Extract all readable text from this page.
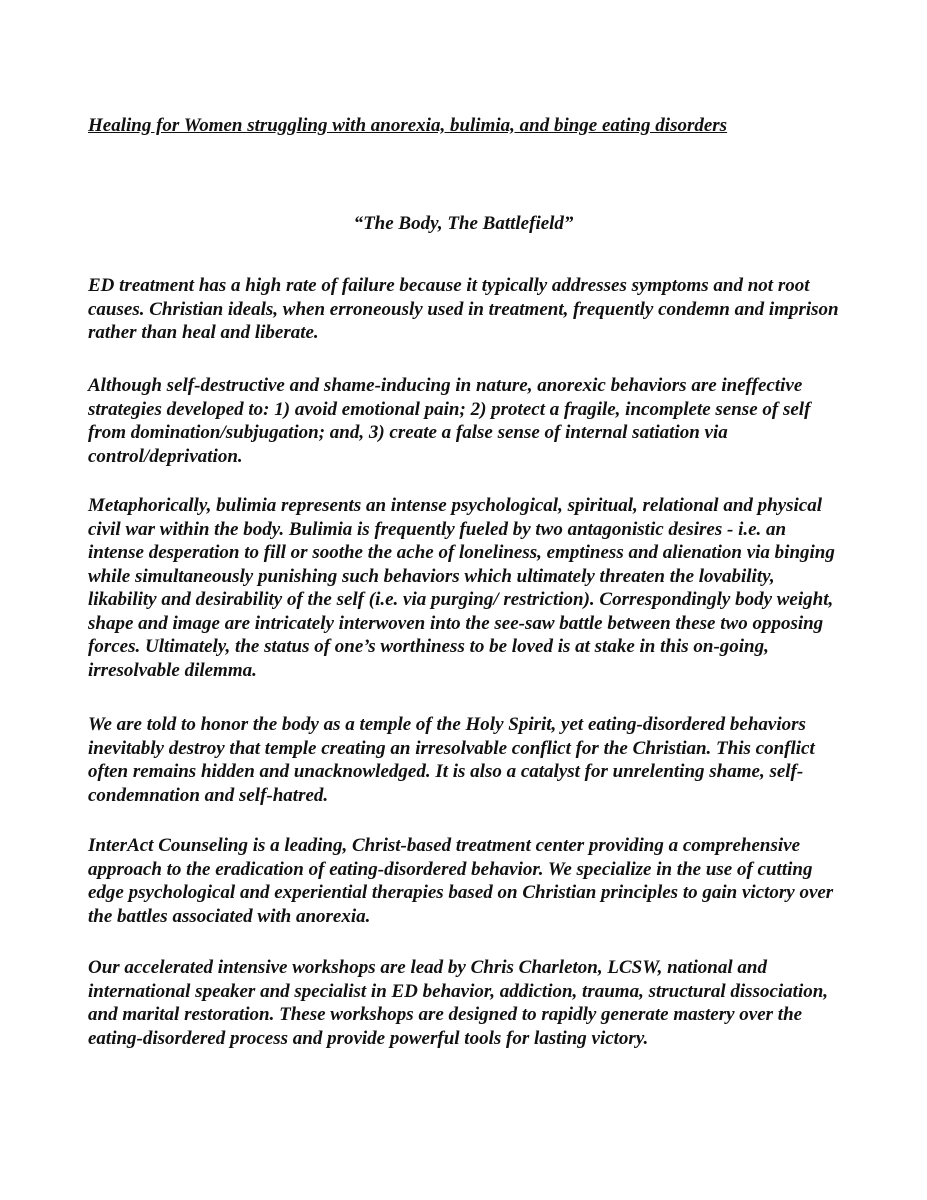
Healing for Women struggling with anorexia, bulimia, and binge eating disorders
“The Body, The Battlefield”

ED treatment has a high rate of failure because it typically addresses symptoms and not root causes. Christian ideals, when erroneously used in treatment, frequently condemn and imprison rather than heal and liberate.

Although self-destructive and shame-inducing in nature, anorexic behaviors are ineffective strategies developed to: 1) avoid emotional pain; 2) protect a fragile, incomplete sense of self from domination/subjugation; and, 3) create a false sense of internal satiation via control/deprivation.

Metaphorically, bulimia represents an intense psychological, spiritual, relational and physical civil war within the body. Bulimia is frequently fueled by two antagonistic desires - i.e. an intense desperation to fill or soothe the ache of loneliness, emptiness and alienation via binging while simultaneously punishing such behaviors which ultimately threaten the lovability, likability and desirability of the self (i.e. via purging/ restriction). Correspondingly body weight, shape and image are intricately interwoven into the see-saw battle between these two opposing forces. Ultimately, the status of one’s worthiness to be loved is at stake in this on-going, irresolvable dilemma.

We are told to honor the body as a temple of the Holy Spirit, yet eating-disordered behaviors inevitably destroy that temple creating an irresolvable conflict for the Christian. This conflict often remains hidden and unacknowledged. It is also a catalyst for unrelenting shame, self-condemnation and self-hatred.

InterAct Counseling is a leading, Christ-based treatment center providing a comprehensive approach to the eradication of eating-disordered behavior. We specialize in the use of cutting edge psychological and experiential therapies based on Christian principles to gain victory over the battles associated with anorexia.

Our accelerated intensive workshops are lead by Chris Charleton, LCSW, national and international speaker and specialist in ED behavior, addiction, trauma, structural dissociation, and marital restoration. These workshops are designed to rapidly generate mastery over the eating-disordered process and provide powerful tools for lasting victory.
